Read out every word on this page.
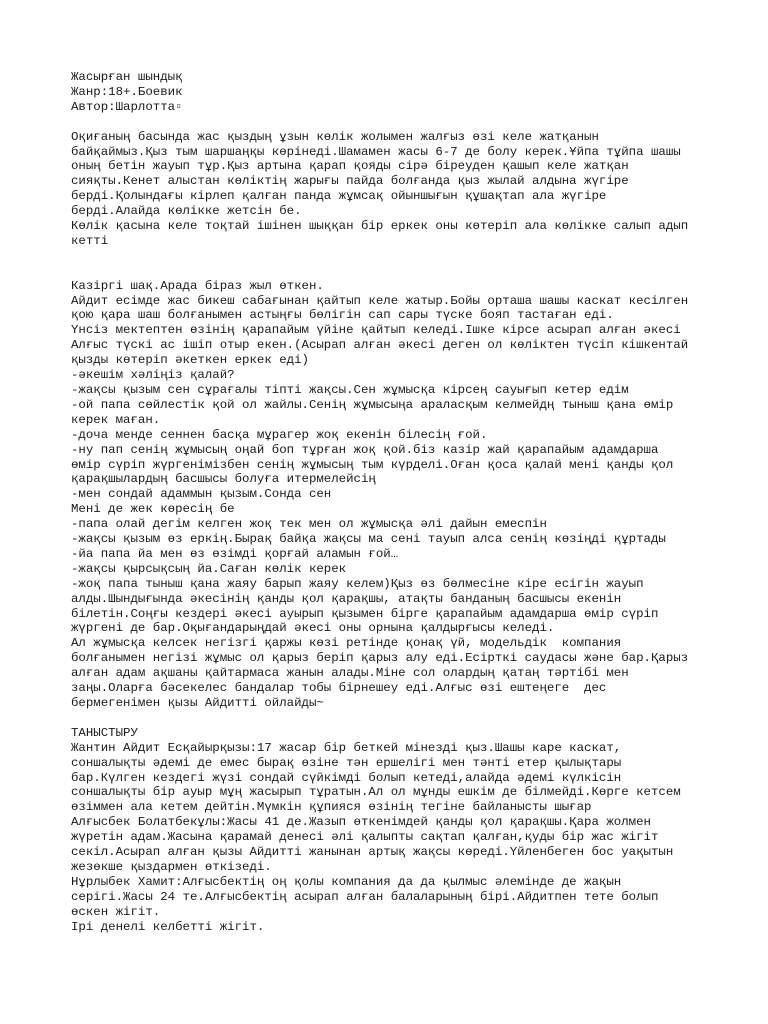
Жасырған шындық
Жанр:18+.Боевик
Автор:Шарлотта▫
Оқиғаның басында жас қыздың ұзын көлік жолымен жалғыз өзі келе жатқанын
байқаймыз.Қыз тым шаршаңқы көрінеді.Шамамен жасы 6-7 де болу керек.Ұйпа тұйпа шашы
оның бетін жауып тұр.Қыз артына қарап қояды сірә біреуден қашып келе жатқан
сияқты.Кенет алыстан көліктің жарығы пайда болғанда қыз жылай алдына жүгіре
берді.Қолындағы кірлеп қалған панда жұмсақ ойыншығын құшақтап ала жүгіре
берді.Алайда көлікке жетсін бе.
Көлік қасына келе тоқтай ішінен шыққан бір еркек оны көтеріп ала көлікке салып адып
кетті
Казіргі шақ.Арада біраз жыл өткен.
Айдит есімде жас бикеш сабағынан қайтып келе жатыр.Бойы орташа шашы каскат кесілген
қою қара шаш болғанымен астыңғы бөлігін сап сары түске бояп тастаған еді.
Үнсіз мектептен өзінің қарапайым үйіне қайтып келеді.Ішке кірсе асырап алған әкесі
Алғыс түскі ас ішіп отыр екен.(Асырап алған әкесі деген ол көліктен түсіп кішкентай
қызды көтеріп әкеткен еркек еді)
-әкешім хәліңіз қалай?
-жақсы қызым сен сұрағалы тіпті жақсы.Сен жұмысқа кірсең сауығып кетер едім
-ой папа сөйлестік қой ол жайлы.Сенің жұмысыңа араласқым келмейдң тыныш қана өмір
керек маған.
-доча менде сеннен басқа мұрагер жоқ екенін білесің ғой.
-ну пап сенің жұмысың оңай боп тұрған жоқ қой.біз казір жай қарапайым адамдарша
өмір сүріп жүргенімізбен сенің жұмысың тым күрделі.Оған қоса қалай мені қанды қол
қарақшылардың басшысы болуға итермелейсің
-мен сондай адаммын қызым.Сонда сен
Мені де жек көресің бе
-папа олай дегім келген жоқ тек мен ол жұмысқа әлі дайын емеспін
-жақсы қызым өз еркің.Бырақ байқа жақсы ма сені тауып алса сенің көзіңді құртады
-йа папа йа мен өз өзімді қорғай аламын ғой…
-жақсы қырсықсың йа.Саған көлік керек
-жоқ папа тыныш қана жаяу барып жаяу келем)Қыз өз бөлмесіне кіре есігін жауып
алды.Шындығында әкесінің қанды қол қарақшы, атақты банданың басшысы екенін
білетін.Соңғы кездері әкесі ауырып қызымен бірге қарапайым адамдарша өмір сүріп
жүргені де бар.Оқығандарыңдай әкесі оны орнына қалдырғысы келеді.
Ал жұмысқа келсек негізгі қаржы көзі ретінде қонақ үй, модельдік  компания
болғанымен негізі жұмыс ол қарыз беріп қарыз алу еді.Есірткі саудасы және бар.Қарыз
алған адам ақшаны қайтармаса жанын алады.Міне сол олардың қатаң тәртібі мен
заңы.Оларға бәсекелес бандалар тобы бірнешеу еді.Алғыс өзі ештеңеге  дес
бермегенімен қызы Айдитті ойлайды~
ТАНЫСТЫРУ
Жантин Айдит Есқайырқызы:17 жасар бір беткей мінезді қыз.Шашы каре каскат,
соншалықты әдемі де емес бырақ өзіне тән ершелігі мен тәнті етер қылықтары
бар.Күлген кездегі жүзі сондай сүйкімді болып кетеді,алайда әдемі күлкісін
соншалықты бір ауыр мұң жасырып тұратын.Ал ол мұнды ешкім де білмейді.Көрге кетсем
өзіммен ала кетем дейтін.Мүмкін құпияся өзінің тегіне байланысты шығар
Алғысбек Болатбекұлы:Жасы 41 де.Жазып өткенімдей қанды қол қарақшы.Қара жолмен
жүретін адам.Жасына қарамай денесі әлі қалыпты сақтап қалған,қуды бір жас жігіт
секіл.Асырап алған қызы Айдитті жанынан артық жақсы көреді.Үйленбеген бос уақытын
жезөкше қыздармен өткізеді.
Нұрлыбек Хамит:Алғысбектің оң қолы компания да да қылмыс әлемінде де жақын
серігі.Жасы 24 те.Алғысбектің асырап алған балаларының бірі.Айдитпен тете болып
өскен жігіт.
Ірі денелі келбетті жігіт.
